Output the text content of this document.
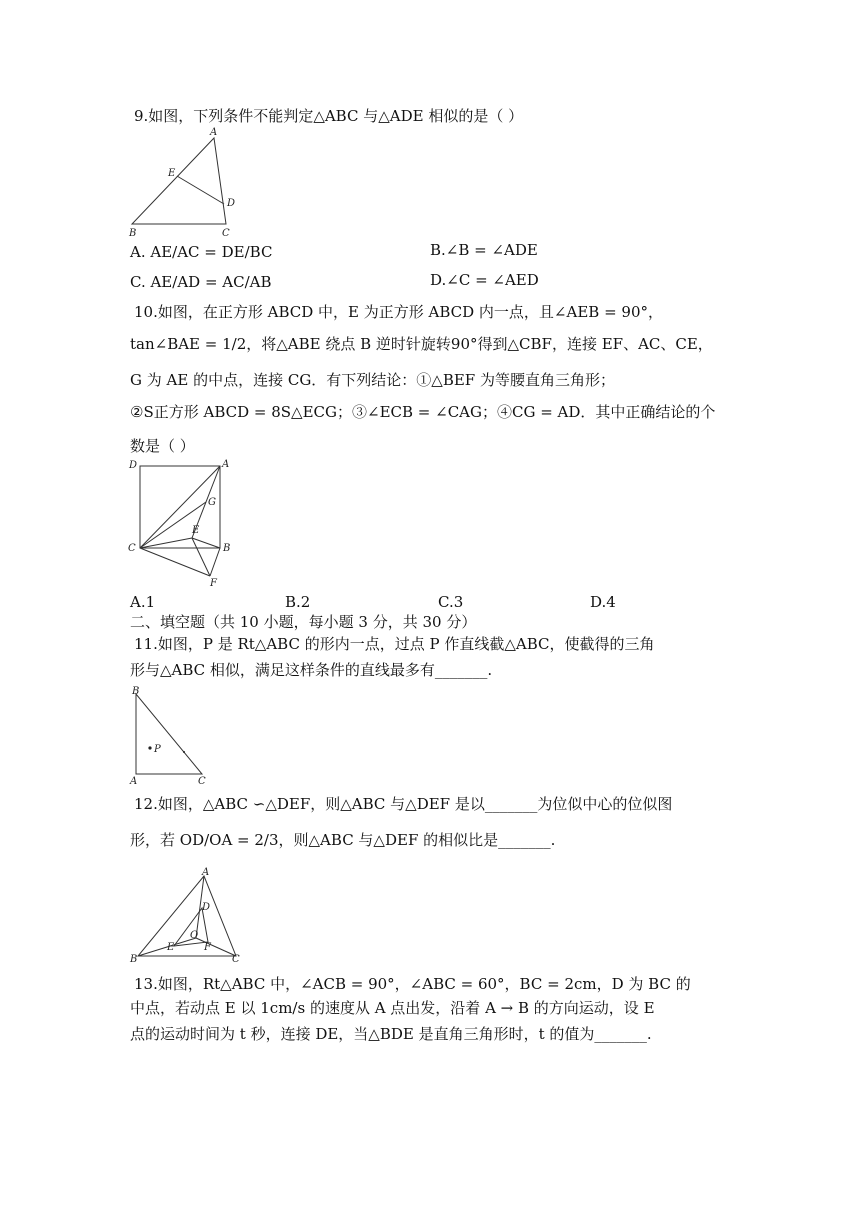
9.如图，下列条件不能判定△ABC 与△ADE 相似的是（ ）
A
E
D
B	C
A. AE/AC = DE/BC	B.∠B = ∠ADE
C. AE/AD = AC/AB	D.∠C = ∠AED
10.如图，在正方形 ABCD 中，E 为正方形 ABCD 内一点，且∠AEB = 90°，
tan∠BAE = 1/2，将△ABE 绕点 B 逆时针旋转90°得到△CBF，连接 EF、AC、CE，
G 为 AE 的中点，连接 CG．有下列结论：①△BEF 为等腰直角三角形；
②S正方形 ABCD = 8S△ECG；③∠ECB = ∠CAG；④CG = AD．其中正确结论的个
数是（ ）
D	A
G
E
C	B
F
A.1	B.2	C.3	D.4
二、填空题（共 10 小题，每小题 3 分，共 30 分）
11.如图，P 是 Rt△ABC 的形内一点，过点 P 作直线截△ABC，使截得的三角
形与△ABC 相似，满足这样条件的直线最多有_______.
B
P
A	C
12.如图，△ABC ∽△DEF，则△ABC 与△DEF 是以_______为位似中心的位似图
形，若 OD/OA = 2/3，则△ABC 与△DEF 的相似比是_______.
A
D
O
E	F
B	C
13.如图，Rt△ABC 中，∠ACB = 90°，∠ABC = 60°，BC = 2cm，D 为 BC 的
中点，若动点 E 以 1cm/s 的速度从 A 点出发，沿着 A → B 的方向运动，设 E
点的运动时间为 t 秒，连接 DE，当△BDE 是直角三角形时，t 的值为_______.
